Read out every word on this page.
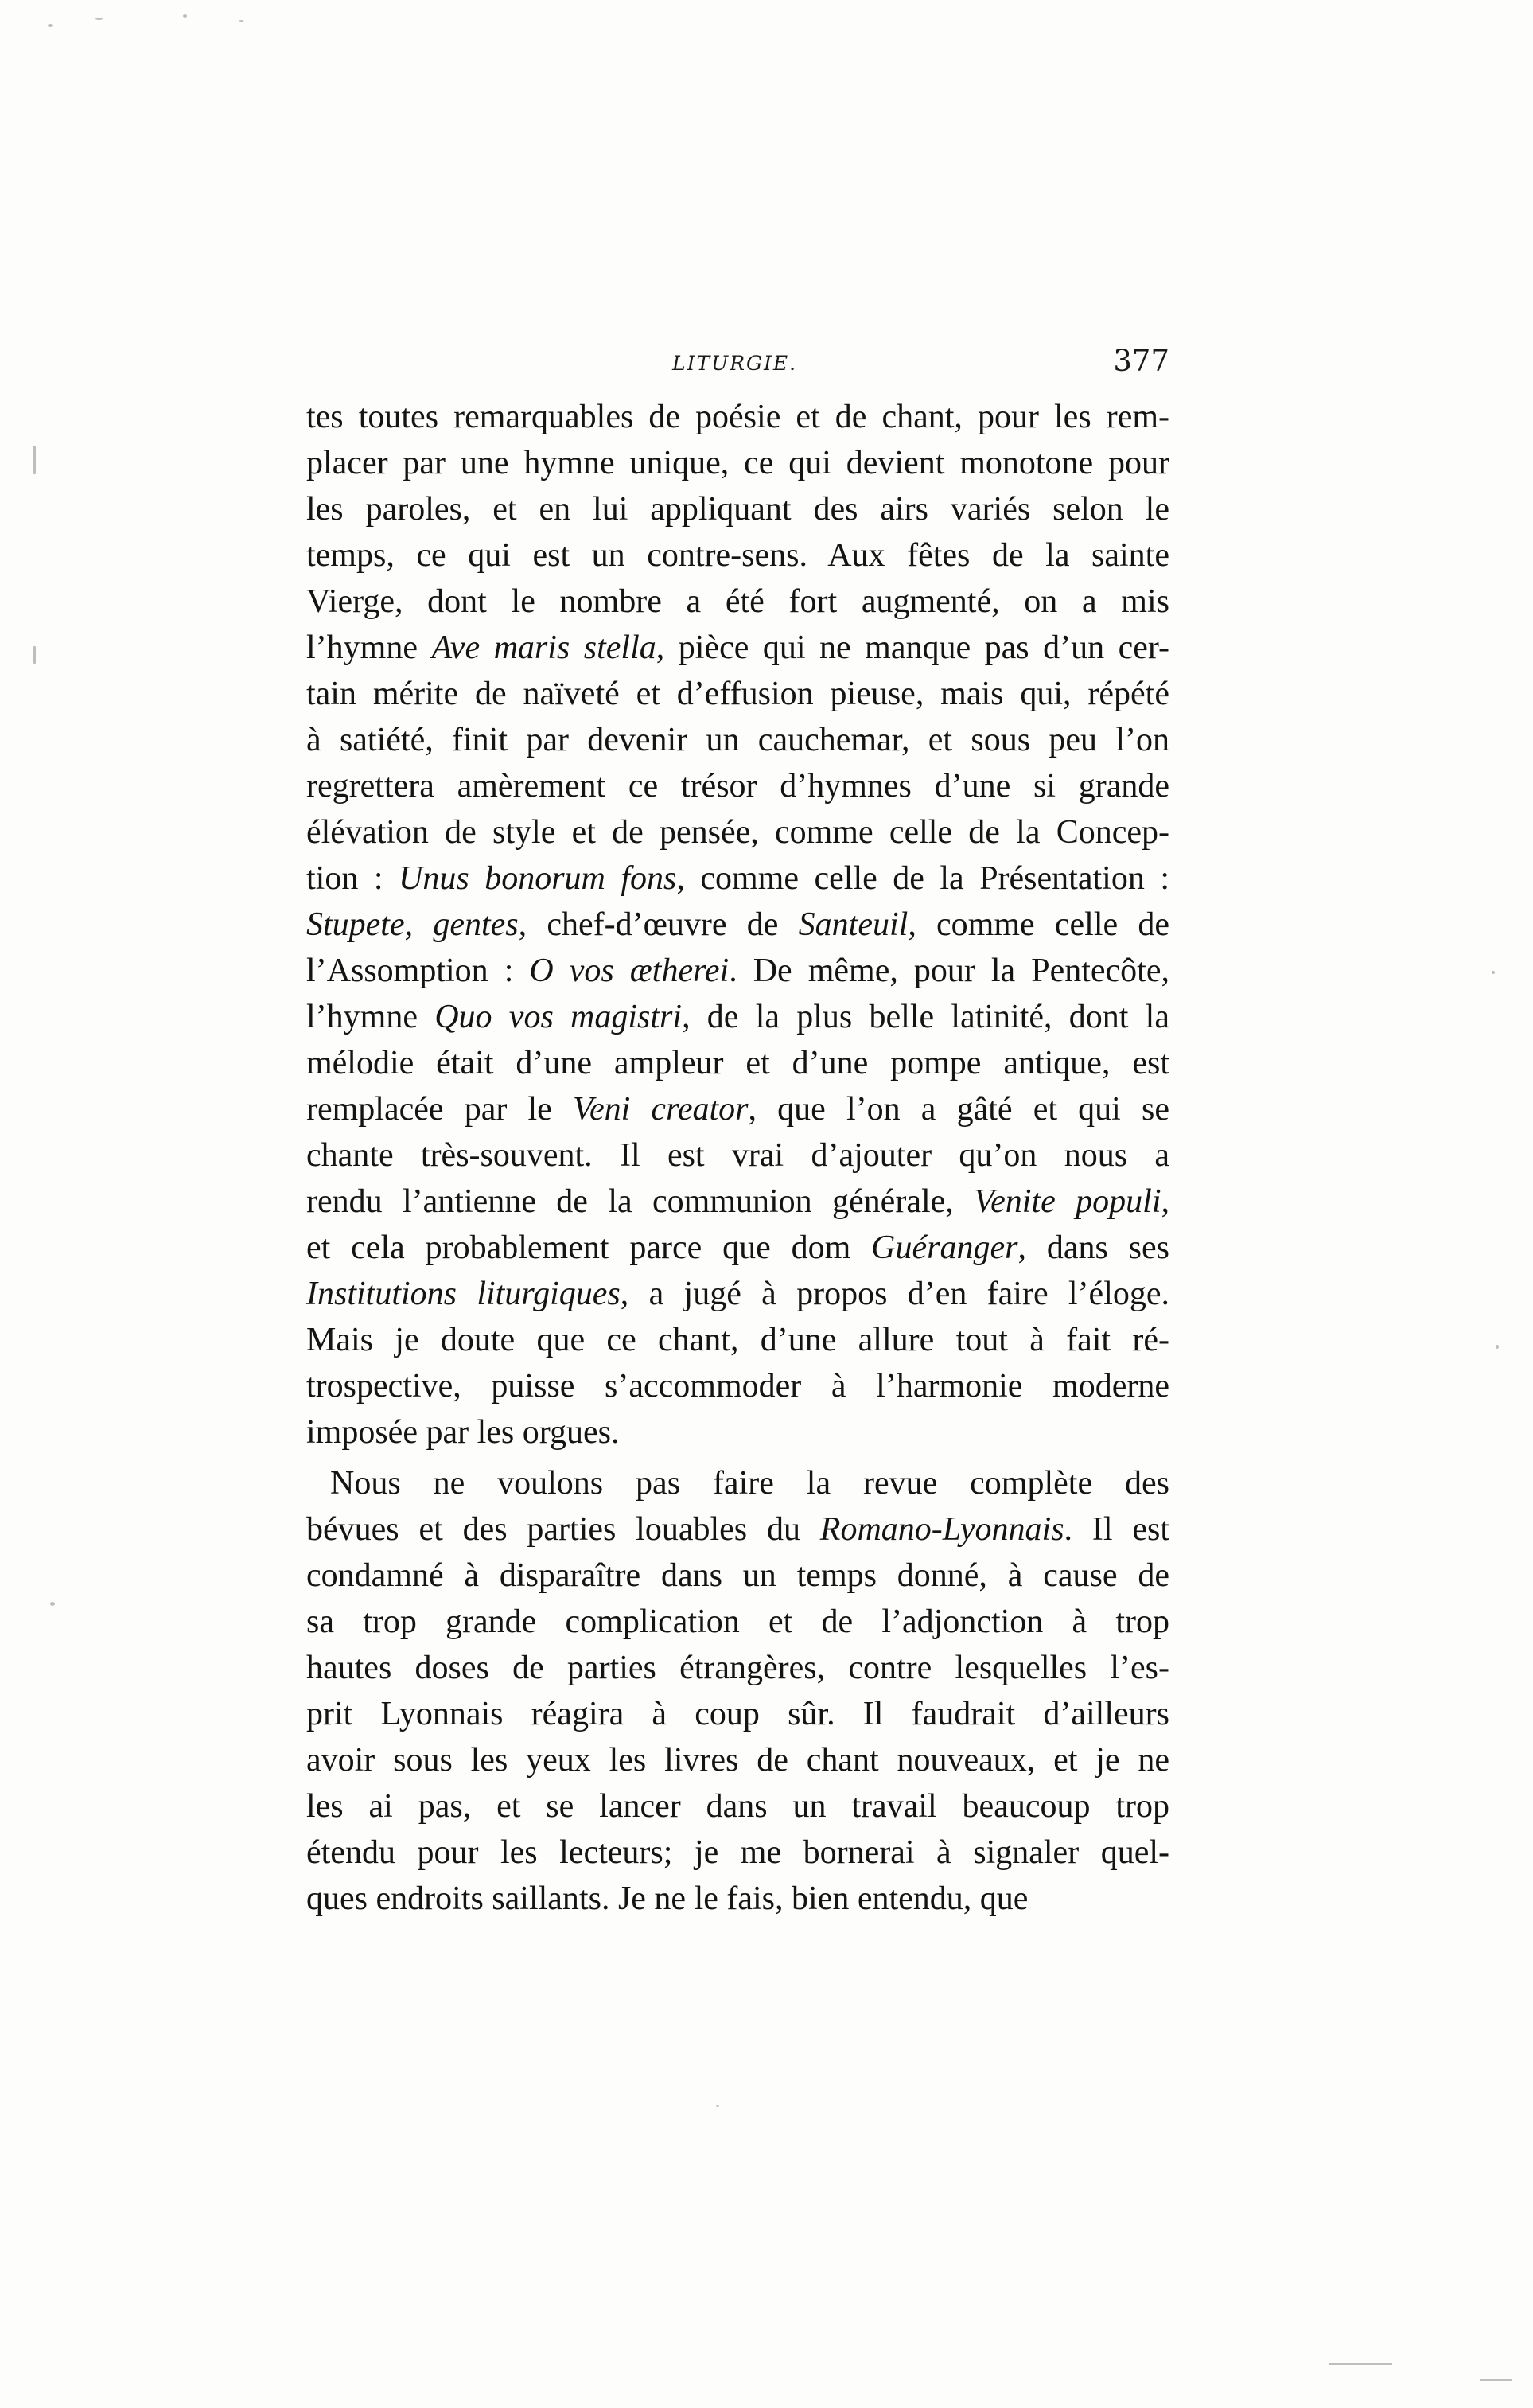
LITURGIE.	377
tes toutes remarquables de poésie et de chant, pour les rem-
placer par une hymne unique, ce qui devient monotone pour
les paroles, et en lui appliquant des airs variés selon le
temps, ce qui est un contre-sens. Aux fêtes de la sainte
Vierge, dont le nombre a été fort augmenté, on a mis
l’hymne Ave maris stella, pièce qui ne manque pas d’un cer-
tain mérite de naïveté et d’effusion pieuse, mais qui, répété
à satiété, finit par devenir un cauchemar, et sous peu l’on
regrettera amèrement ce trésor d’hymnes d’une si grande
élévation de style et de pensée, comme celle de la Concep-
tion : Unus bonorum fons, comme celle de la Présentation :
Stupete, gentes, chef-d’œuvre de Santeuil, comme celle de
l’Assomption : O vos ætherei. De même, pour la Pentecôte,
l’hymne Quo vos magistri, de la plus belle latinité, dont la
mélodie était d’une ampleur et d’une pompe antique, est
remplacée par le Veni creator, que l’on a gâté et qui se
chante très-souvent. Il est vrai d’ajouter qu’on nous a
rendu l’antienne de la communion générale, Venite populi,
et cela probablement parce que dom Guéranger, dans ses
Institutions liturgiques, a jugé à propos d’en faire l’éloge.
Mais je doute que ce chant, d’une allure tout à fait ré-
trospective, puisse s’accommoder à l’harmonie moderne
imposée par les orgues.
Nous ne voulons pas faire la revue complète des
bévues et des parties louables du Romano-Lyonnais. Il est
condamné à disparaître dans un temps donné, à cause de
sa trop grande complication et de l’adjonction à trop
hautes doses de parties étrangères, contre lesquelles l’es-
prit Lyonnais réagira à coup sûr. Il faudrait d’ailleurs
avoir sous les yeux les livres de chant nouveaux, et je ne
les ai pas, et se lancer dans un travail beaucoup trop
étendu pour les lecteurs; je me bornerai à signaler quel-
ques endroits saillants. Je ne le fais, bien entendu, que
